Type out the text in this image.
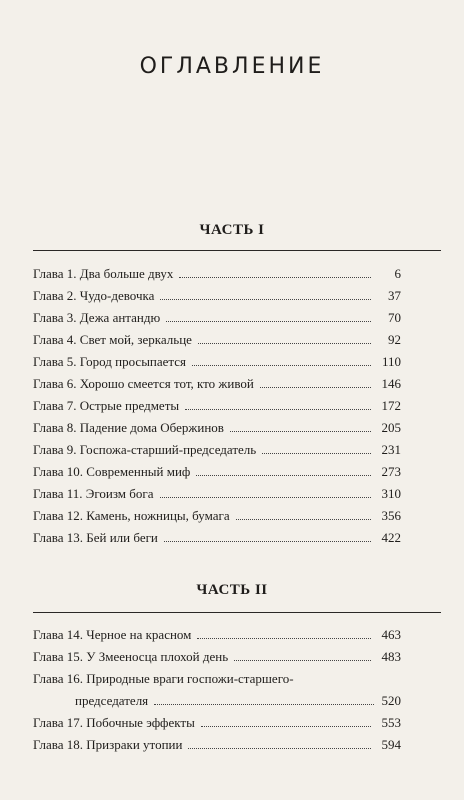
ОГЛАВЛЕНИЕ
ЧАСТЬ I
Глава 1. Два больше двух	6
Глава 2. Чудо-девочка	37
Глава 3. Дежа антандю	70
Глава 4. Свет мой, зеркальце	92
Глава 5. Город просыпается	110
Глава 6. Хорошо смеется тот, кто живой	146
Глава 7. Острые предметы	172
Глава 8. Падение дома Обержинов	205
Глава 9. Госпожа-старший-председатель	231
Глава 10. Современный миф	273
Глава 11. Эгоизм бога	310
Глава 12. Камень, ножницы, бумага	356
Глава 13. Бей или беги	422
ЧАСТЬ II
Глава 14. Черное на красном	463
Глава 15. У Змееносца плохой день	483
Глава 16. Природные враги госпожи-старшего-
председателя	520
Глава 17. Побочные эффекты	553
Глава 18. Призраки утопии	594
